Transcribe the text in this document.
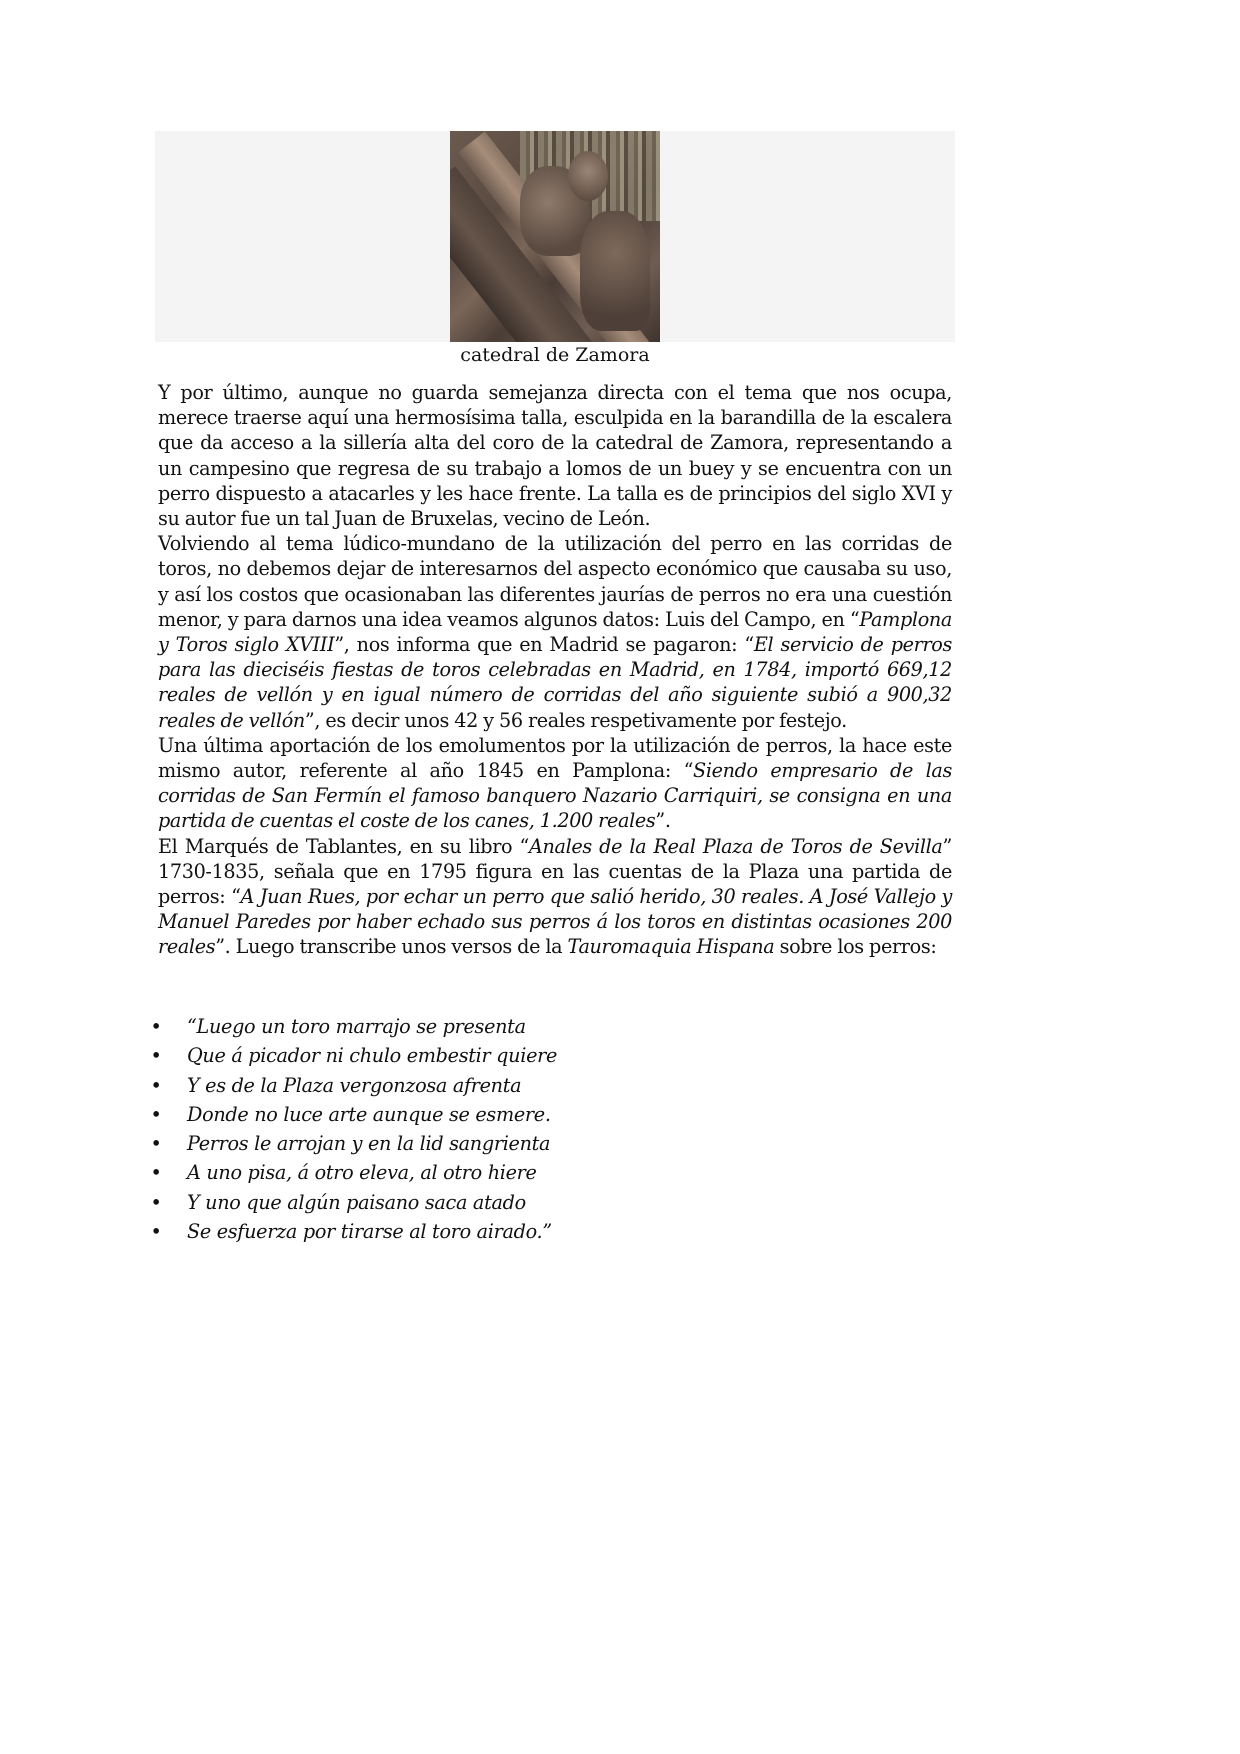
catedral de Zamora

Y por último, aunque no guarda semejanza directa con el tema que nos ocupa, merece traerse aquí una hermosísima talla, esculpida en la barandilla de la escalera que da acceso a la sillería alta del coro de la catedral de Zamora, representando a un campesino que regresa de su trabajo a lomos de un buey y se encuentra con un perro dispuesto a atacarles y les hace frente. La talla es de principios del siglo XVI y su autor fue un tal Juan de Bruxelas, vecino de León.

Volviendo al tema lúdico-mundano de la utilización del perro en las corridas de toros, no debemos dejar de interesarnos del aspecto económico que causaba su uso, y así los costos que ocasionaban las diferentes jaurías de perros no era una cuestión menor, y para darnos una idea veamos algunos datos: Luis del Campo, en “Pamplona y Toros siglo XVIII”, nos informa que en Madrid se pagaron: “El servicio de perros para las dieciséis fiestas de toros celebradas en Madrid, en 1784, importó 669,12 reales de vellón y en igual número de corridas del año siguiente subió a 900,32 reales de vellón”, es decir unos 42 y 56 reales respetivamente por festejo.

Una última aportación de los emolumentos por la utilización de perros, la hace este mismo autor, referente al año 1845 en Pamplona: “Siendo empresario de las corridas de San Fermín el famoso banquero Nazario Carriquiri, se consigna en una partida de cuentas el coste de los canes, 1.200 reales”.

El Marqués de Tablantes, en su libro “Anales de la Real Plaza de Toros de Sevilla” 1730-1835, señala que en 1795 figura en las cuentas de la Plaza una partida de perros: “A Juan Rues, por echar un perro que salió herido, 30 reales. A José Vallejo y Manuel Paredes por haber echado sus perros á los toros en distintas ocasiones 200 reales”. Luego transcribe unos versos de la Tauromaquia Hispana sobre los perros:

• “Luego un toro marrajo se presenta
• Que á picador ni chulo embestir quiere
• Y es de la Plaza vergonzosa afrenta
• Donde no luce arte aunque se esmere.
• Perros le arrojan y en la lid sangrienta
• A uno pisa, á otro eleva, al otro hiere
• Y uno que algún paisano saca atado
• Se esfuerza por tirarse al toro airado.”
